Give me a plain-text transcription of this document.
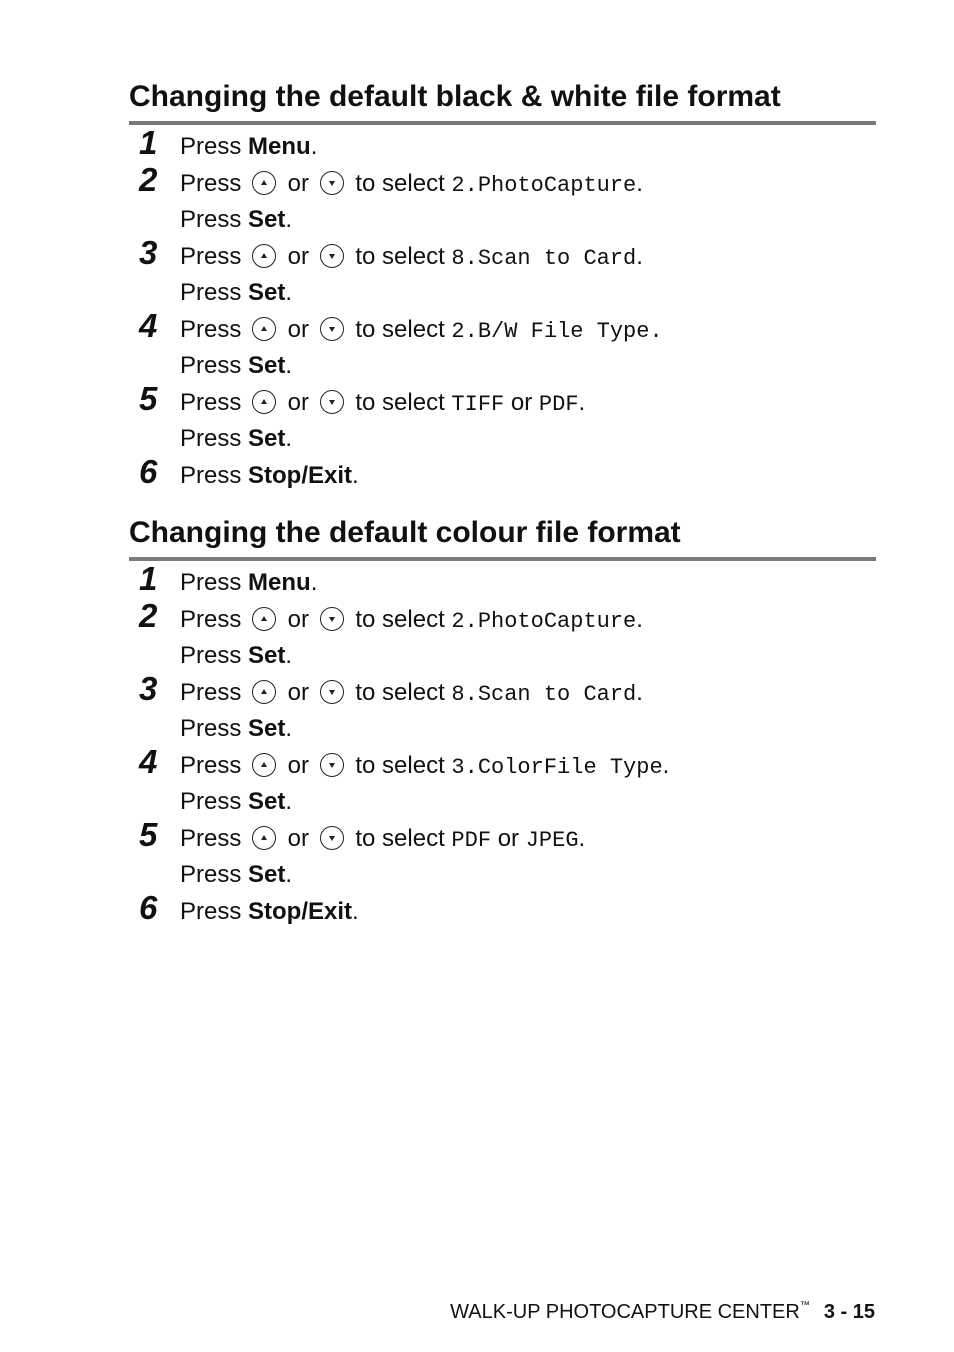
Changing the default black & white file format
1 Press Menu.
2 Press  or  to select 2.PhotoCapture.
Press Set.
3 Press  or  to select 8.Scan to Card.
Press Set.
4 Press  or  to select 2.B/W File Type.
Press Set.
5 Press  or  to select TIFF or PDF.
Press Set.
6 Press Stop/Exit.
Changing the default colour file format
1 Press Menu.
2 Press  or  to select 2.PhotoCapture.
Press Set.
3 Press  or  to select 8.Scan to Card.
Press Set.
4 Press  or  to select 3.ColorFile Type.
Press Set.
5 Press  or  to select PDF or JPEG.
Press Set.
6 Press Stop/Exit.
WALK-UP PHOTOCAPTURE CENTER™ 3 - 15
